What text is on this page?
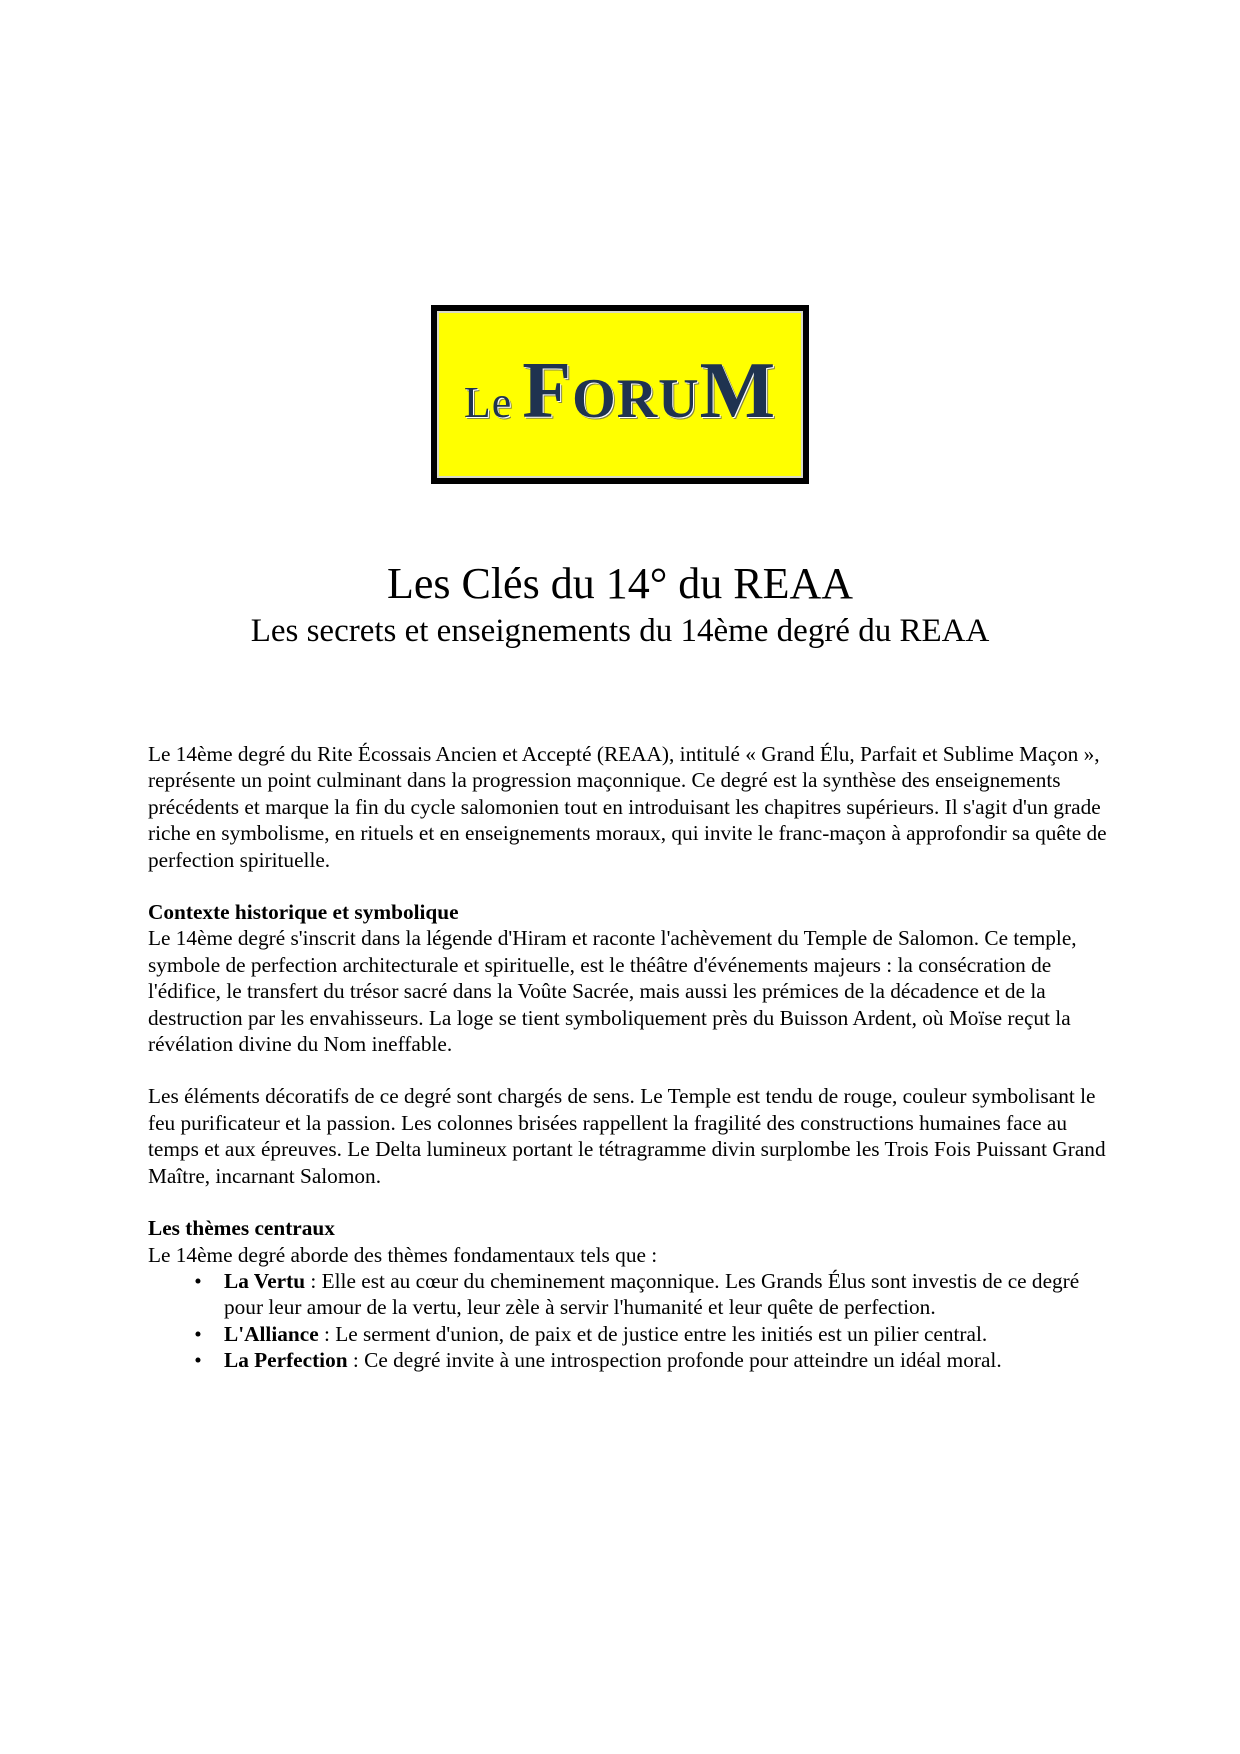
Le FORUM
Les Clés du 14° du REAA
Les secrets et enseignements du 14ème degré du REAA

Le 14ème degré du Rite Écossais Ancien et Accepté (REAA), intitulé « Grand Élu, Parfait et Sublime Maçon », représente un point culminant dans la progression maçonnique. Ce degré est la synthèse des enseignements précédents et marque la fin du cycle salomonien tout en introduisant les chapitres supérieurs. Il s'agit d'un grade riche en symbolisme, en rituels et en enseignements moraux, qui invite le franc-maçon à approfondir sa quête de perfection spirituelle.

Contexte historique et symbolique

Le 14ème degré s'inscrit dans la légende d'Hiram et raconte l'achèvement du Temple de Salomon. Ce temple, symbole de perfection architecturale et spirituelle, est le théâtre d'événements majeurs : la consécration de l'édifice, le transfert du trésor sacré dans la Voûte Sacrée, mais aussi les prémices de la décadence et de la destruction par les envahisseurs. La loge se tient symboliquement près du Buisson Ardent, où Moïse reçut la révélation divine du Nom ineffable.

Les éléments décoratifs de ce degré sont chargés de sens. Le Temple est tendu de rouge, couleur symbolisant le feu purificateur et la passion. Les colonnes brisées rappellent la fragilité des constructions humaines face au temps et aux épreuves. Le Delta lumineux portant le tétragramme divin surplombe les Trois Fois Puissant Grand Maître, incarnant Salomon.

Les thèmes centraux

Le 14ème degré aborde des thèmes fondamentaux tels que :

• La Vertu : Elle est au cœur du cheminement maçonnique. Les Grands Élus sont investis de ce degré pour leur amour de la vertu, leur zèle à servir l'humanité et leur quête de perfection.
• L'Alliance : Le serment d'union, de paix et de justice entre les initiés est un pilier central.
• La Perfection : Ce degré invite à une introspection profonde pour atteindre un idéal moral.
